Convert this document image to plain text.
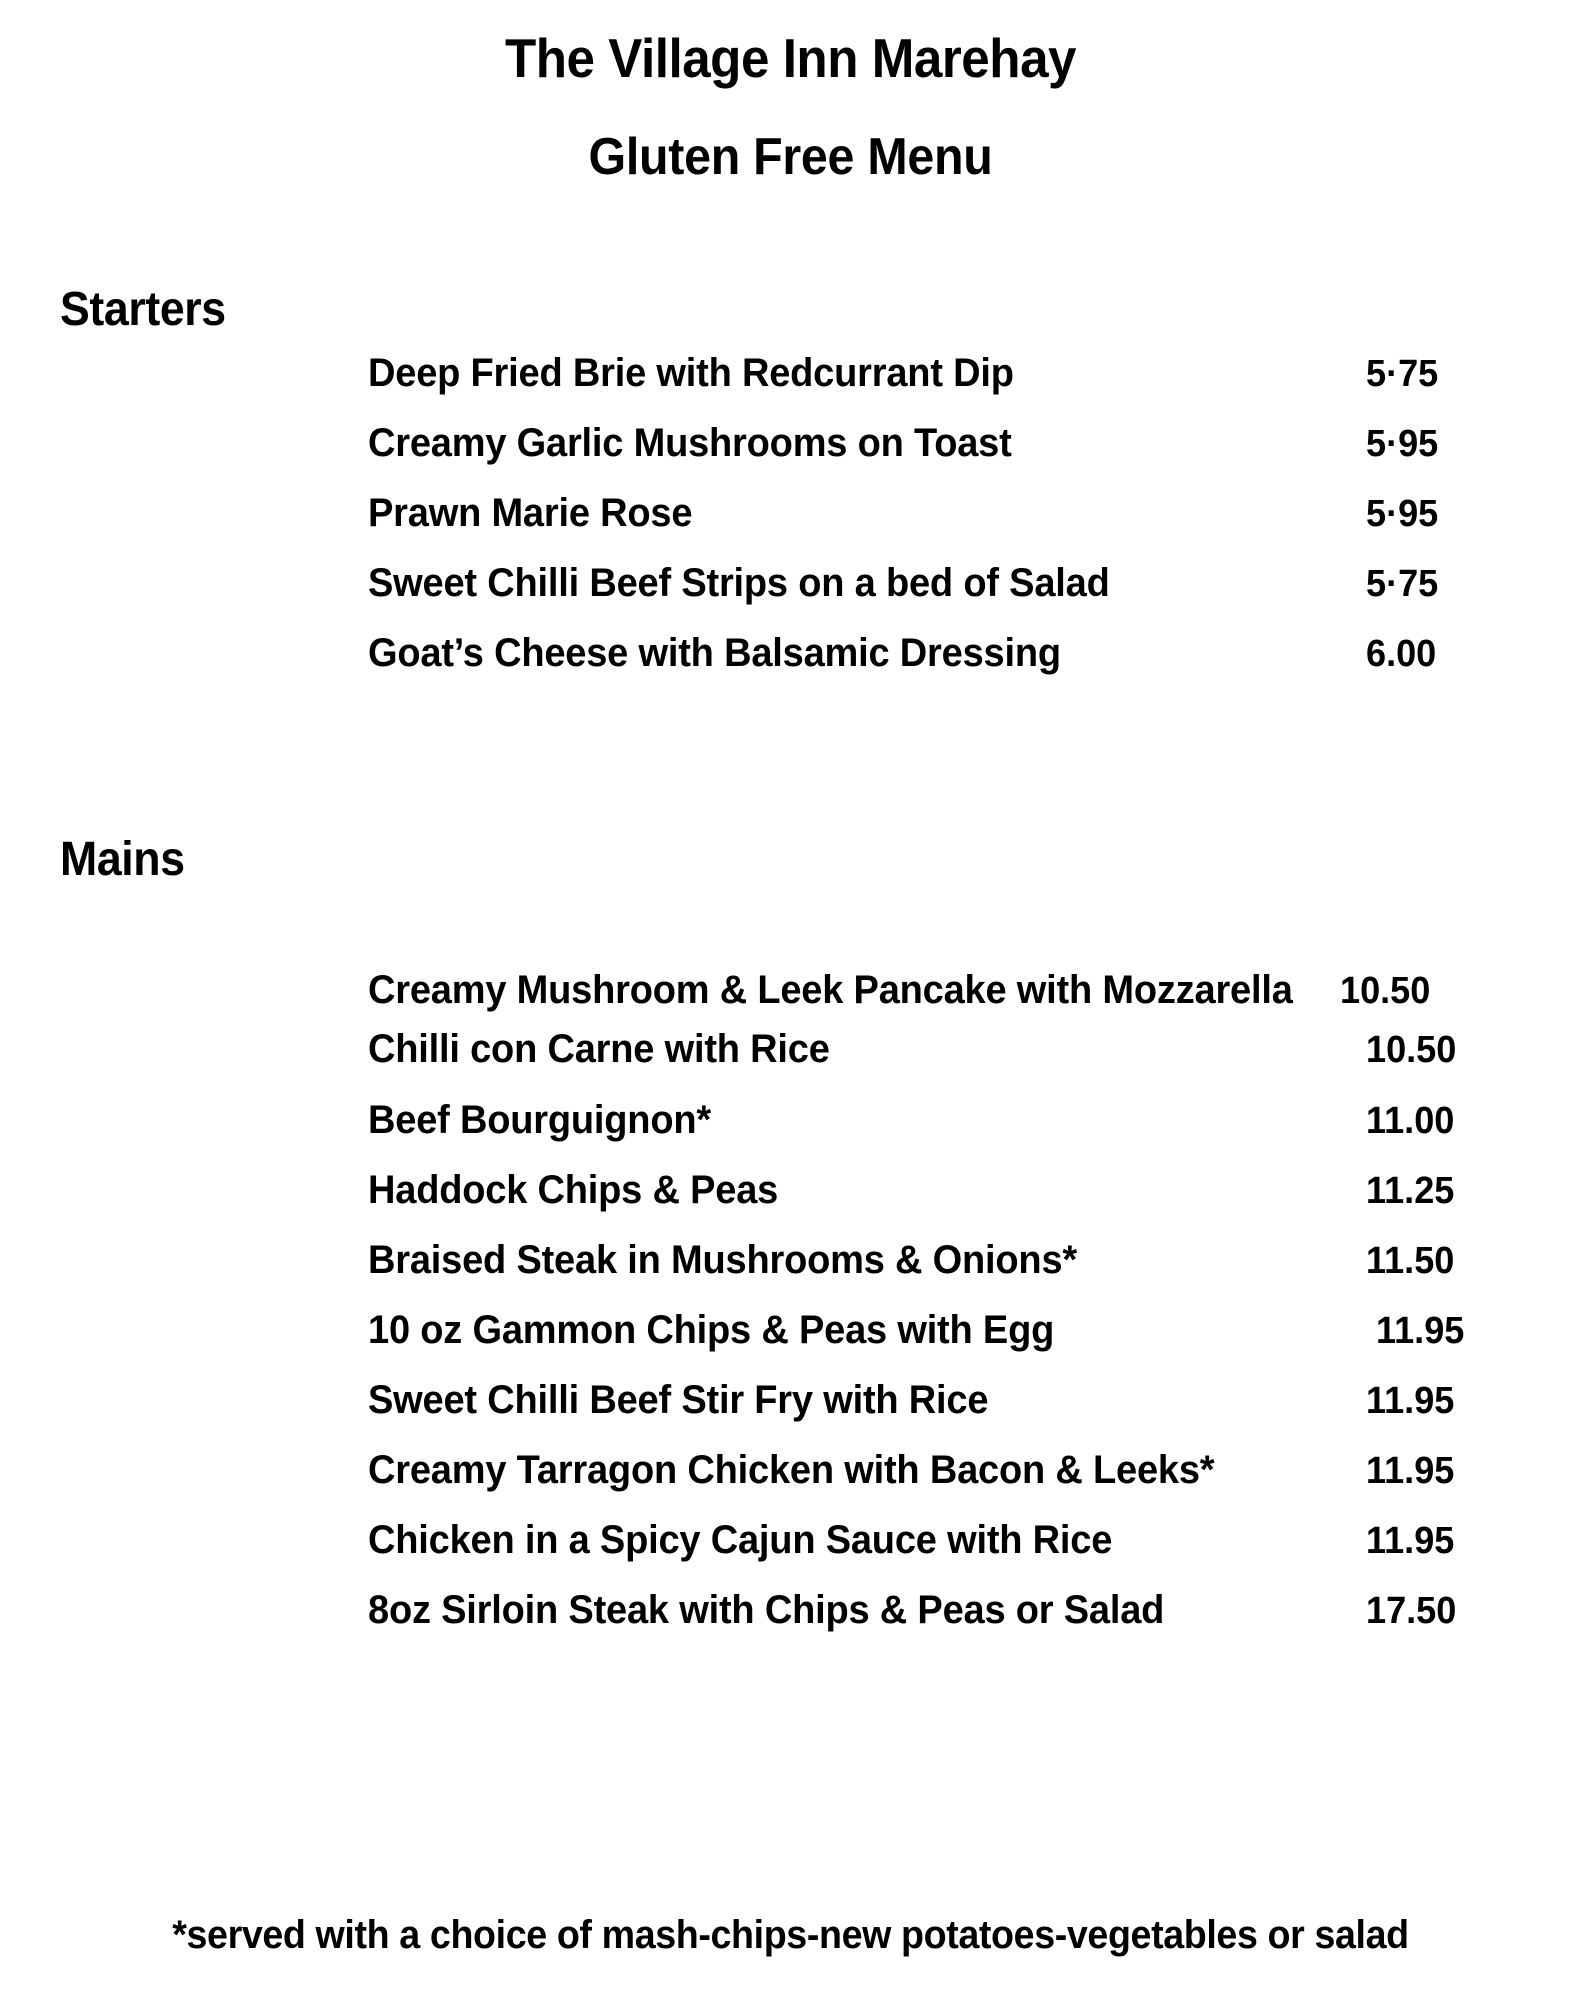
The Village Inn Marehay
Gluten Free Menu
Starters
Deep Fried Brie with Redcurrant Dip	5·75
Creamy Garlic Mushrooms on Toast	5·95
Prawn Marie Rose	5·95
Sweet Chilli Beef Strips on a bed of Salad	5·75
Goat’s Cheese with Balsamic Dressing	6.00
Mains
Creamy Mushroom & Leek Pancake with Mozzarella 10.50
Chilli con Carne with Rice	10.50
Beef Bourguignon*	11.00
Haddock Chips & Peas	11.25
Braised Steak in Mushrooms & Onions*	11.50
10 oz Gammon Chips & Peas with Egg	11.95
Sweet Chilli Beef Stir Fry with Rice	11.95
Creamy Tarragon Chicken with Bacon & Leeks*	11.95
Chicken in a Spicy Cajun Sauce with Rice	11.95
8oz Sirloin Steak with Chips & Peas or Salad	17.50
*served with a choice of mash-chips-new potatoes-vegetables or salad
